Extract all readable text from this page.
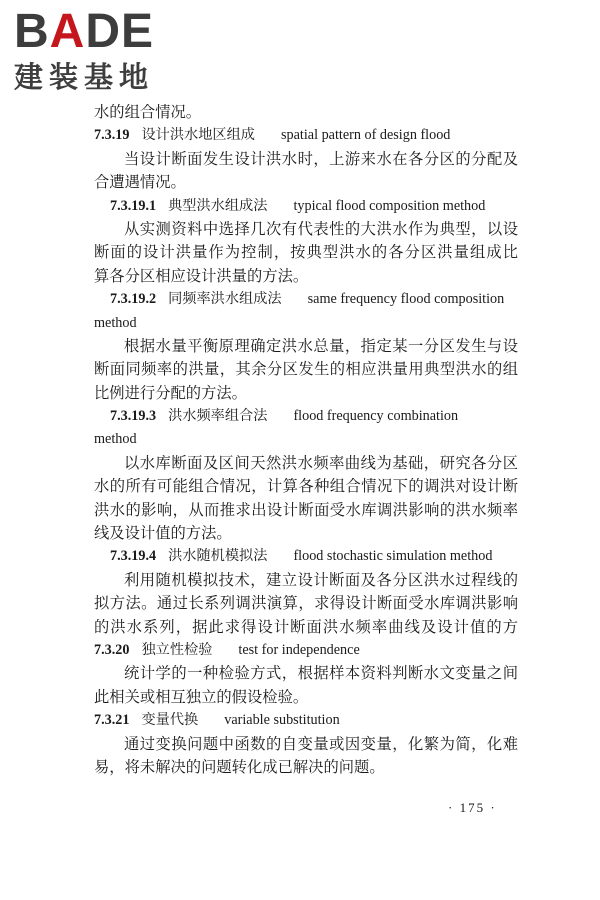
BADE
建装基地
水的组合情况。
7.3.19 设计洪水地区组成 spatial pattern of design flood
当设计断面发生设计洪水时，上游来水在各分区的分配及
合遭遇情况。
7.3.19.1 典型洪水组成法 typical flood composition method
从实测资料中选择几次有代表性的大洪水作为典型，以设
断面的设计洪量作为控制，按典型洪水的各分区洪量组成比
算各分区相应设计洪量的方法。
7.3.19.2 同频率洪水组成法 same frequency flood composition
method
根据水量平衡原理确定洪水总量，指定某一分区发生与设
断面同频率的洪量，其余分区发生的相应洪量用典型洪水的组
比例进行分配的方法。
7.3.19.3 洪水频率组合法 flood frequency combination
method
以水库断面及区间天然洪水频率曲线为基础，研究各分区
水的所有可能组合情况，计算各种组合情况下的调洪对设计断
洪水的影响，从而推求出设计断面受水库调洪影响的洪水频率
线及设计值的方法。
7.3.19.4 洪水随机模拟法 flood stochastic simulation method
利用随机模拟技术，建立设计断面及各分区洪水过程线的
拟方法。通过长系列调洪演算，求得设计断面受水库调洪影响
的洪水系列，据此求得设计断面洪水频率曲线及设计值的方
7.3.20 独立性检验 test for independence
统计学的一种检验方式，根据样本资料判断水文变量之间
此相关或相互独立的假设检验。
7.3.21 变量代换 variable substitution
通过变换问题中函数的自变量或因变量，化繁为简，化难
易，将未解决的问题转化成已解决的问题。
· 175 ·
